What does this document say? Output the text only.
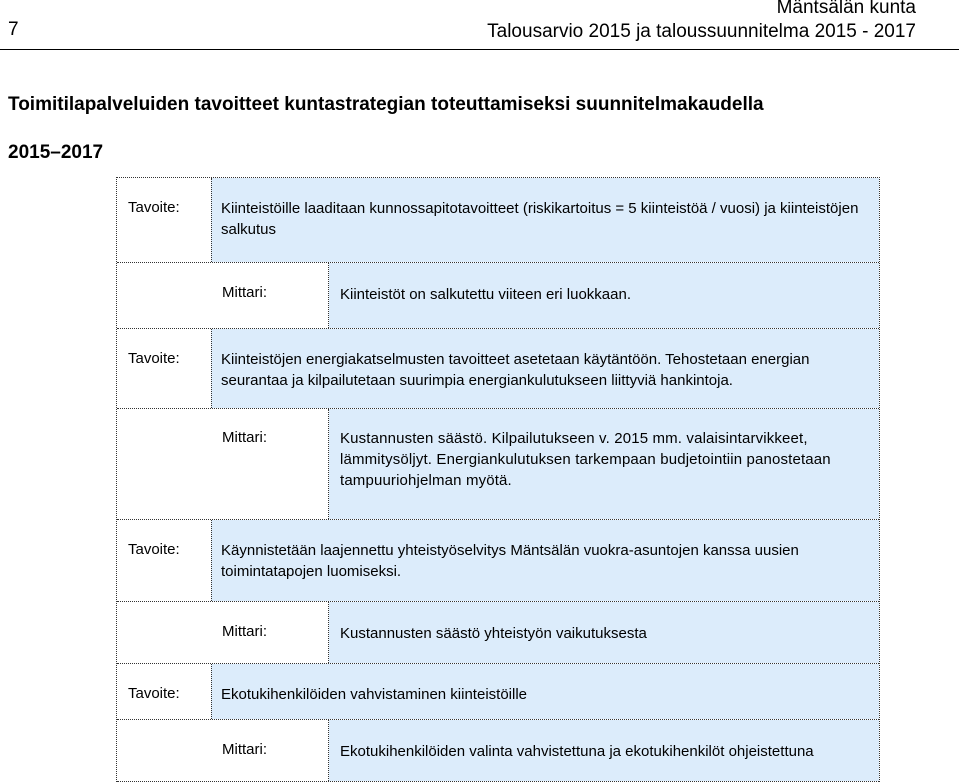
7
Mäntsälän kunta
Talousarvio 2015 ja taloussuunnitelma 2015 - 2017
Toimitilapalveluiden tavoitteet kuntastrategian toteuttamiseksi suunnitelmakaudella
2015–2017
Tavoite:	Kiinteistöille laaditaan kunnossapitotavoitteet (riskikartoitus = 5 kiinteistöä / vuosi) ja kiinteistöjen salkutus
Mittari:	Kiinteistöt on salkutettu viiteen eri luokkaan.
Tavoite:	Kiinteistöjen energiakatselmusten tavoitteet asetetaan käytäntöön. Tehostetaan energian seurantaa ja kilpailutetaan suurimpia energiankulutukseen liittyviä hankintoja.
Mittari:	Kustannusten säästö. Kilpailutukseen v. 2015 mm. valaisintarvikkeet, lämmitysöljyt. Energiankulutuksen tarkempaan budjetointiin panostetaan tampuuriohjelman myötä.
Tavoite:	Käynnistetään laajennettu yhteistyöselvitys Mäntsälän vuokra-asuntojen kanssa uusien toimintatapojen luomiseksi.
Mittari:	Kustannusten säästö yhteistyön vaikutuksesta
Tavoite:	Ekotukihenkilöiden vahvistaminen kiinteistöille
Mittari:	Ekotukihenkilöiden valinta vahvistettuna ja ekotukihenkilöt ohjeistettuna
